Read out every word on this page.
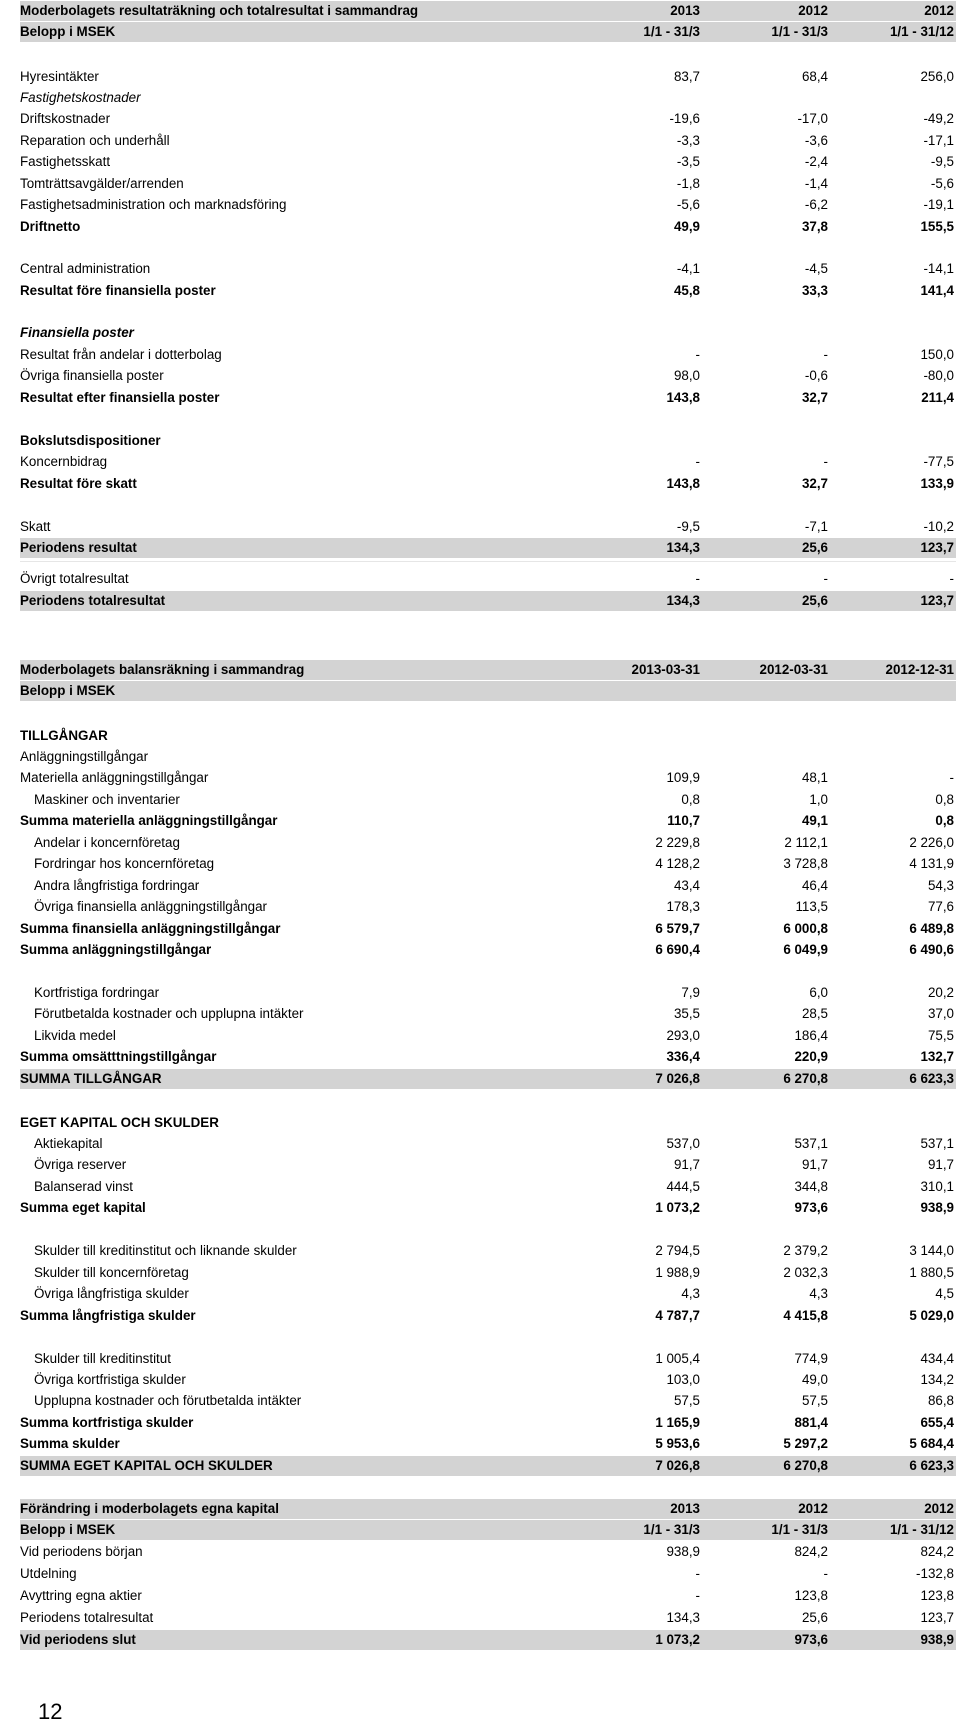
Moderbolagets resultaträkning och totalresultat i sammandrag	2013	2012	2012
Belopp i MSEK	1/1 - 31/3	1/1 - 31/3	1/1 - 31/12
Hyresintäkter	83,7	68,4	256,0
Fastighetskostnader
Driftskostnader	-19,6	-17,0	-49,2
Reparation och underhåll	-3,3	-3,6	-17,1
Fastighetsskatt	-3,5	-2,4	-9,5
Tomträttsavgälder/arrenden	-1,8	-1,4	-5,6
Fastighetsadministration och marknadsföring	-5,6	-6,2	-19,1
Driftnetto	49,9	37,8	155,5
Central administration	-4,1	-4,5	-14,1
Resultat före finansiella poster	45,8	33,3	141,4
Finansiella poster
Resultat från andelar i dotterbolag	-	-	150,0
Övriga finansiella poster	98,0	-0,6	-80,0
Resultat efter finansiella poster	143,8	32,7	211,4
Bokslutsdispositioner
Koncernbidrag	-	-	-77,5
Resultat före skatt	143,8	32,7	133,9
Skatt	-9,5	-7,1	-10,2
Periodens resultat	134,3	25,6	123,7
Övrigt totalresultat	-	-	-
Periodens totalresultat	134,3	25,6	123,7
Moderbolagets balansräkning i sammandrag	2013-03-31	2012-03-31	2012-12-31
Belopp i MSEK
TILLGÅNGAR
Anläggningstillgångar
Materiella anläggningstillgångar	109,9	48,1	-
Maskiner och inventarier	0,8	1,0	0,8
Summa materiella anläggningstillgångar	110,7	49,1	0,8
Andelar i koncernföretag	2 229,8	2 112,1	2 226,0
Fordringar hos koncernföretag	4 128,2	3 728,8	4 131,9
Andra långfristiga fordringar	43,4	46,4	54,3
Övriga finansiella anläggningstillgångar	178,3	113,5	77,6
Summa finansiella anläggningstillgångar	6 579,7	6 000,8	6 489,8
Summa anläggningstillgångar	6 690,4	6 049,9	6 490,6
Kortfristiga fordringar	7,9	6,0	20,2
Förutbetalda kostnader och upplupna intäkter	35,5	28,5	37,0
Likvida medel	293,0	186,4	75,5
Summa omsätttningstillgångar	336,4	220,9	132,7
SUMMA TILLGÅNGAR	7 026,8	6 270,8	6 623,3
EGET KAPITAL OCH SKULDER
Aktiekapital	537,0	537,1	537,1
Övriga reserver	91,7	91,7	91,7
Balanserad vinst	444,5	344,8	310,1
Summa eget kapital	1 073,2	973,6	938,9
Skulder till kreditinstitut och liknande skulder	2 794,5	2 379,2	3 144,0
Skulder till koncernföretag	1 988,9	2 032,3	1 880,5
Övriga långfristiga skulder	4,3	4,3	4,5
Summa långfristiga skulder	4 787,7	4 415,8	5 029,0
Skulder till kreditinstitut	1 005,4	774,9	434,4
Övriga kortfristiga skulder	103,0	49,0	134,2
Upplupna kostnader och förutbetalda intäkter	57,5	57,5	86,8
Summa kortfristiga skulder	1 165,9	881,4	655,4
Summa skulder	5 953,6	5 297,2	5 684,4
SUMMA EGET KAPITAL OCH SKULDER	7 026,8	6 270,8	6 623,3
Förändring i moderbolagets egna kapital	2013	2012	2012
Belopp i MSEK	1/1 - 31/3	1/1 - 31/3	1/1 - 31/12
Vid periodens början	938,9	824,2	824,2
Utdelning	-	-	-132,8
Avyttring egna aktier	-	123,8	123,8
Periodens totalresultat	134,3	25,6	123,7
Vid periodens slut	1 073,2	973,6	938,9
12
